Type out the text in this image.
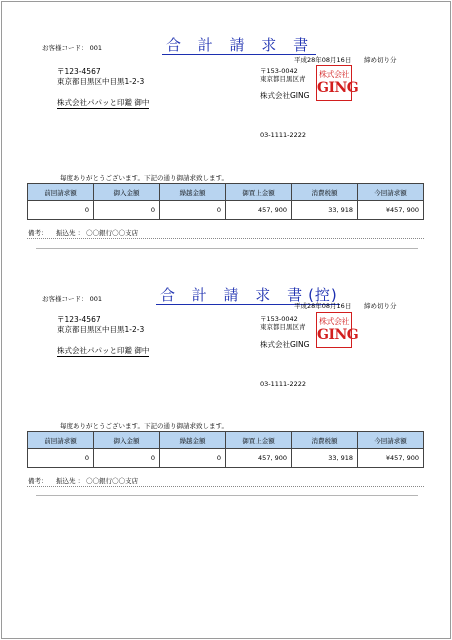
お客様コード： 001	合 計 請 求 書
平成28年08月16日 締め切り分
〒123-4567
東京都目黒区中目黒1-2-3
株式会社パパッと印鑑 御中
〒153-0042
東京都目黒区青
株式会社GING
株式会社
GING
03-1111-2222
毎度ありがとうございます。下記の通り御請求致します。
前回請求額	御入金額	繰越金額	御買上金額	消費税額	今回請求額
0	0	0	457, 900	33, 918	¥457, 900
備考： 振込先 ： 〇〇銀行〇〇支店
お客様コード： 001	合 計 請 求 書(控)
平成28年08月16日 締め切り分
〒123-4567
東京都目黒区中目黒1-2-3
株式会社パパッと印鑑 御中
〒153-0042
東京都目黒区青
株式会社GING
株式会社
GING
03-1111-2222
毎度ありがとうございます。下記の通り御請求致します。
前回請求額	御入金額	繰越金額	御買上金額	消費税額	今回請求額
0	0	0	457, 900	33, 918	¥457, 900
備考： 振込先 ： 〇〇銀行〇〇支店
